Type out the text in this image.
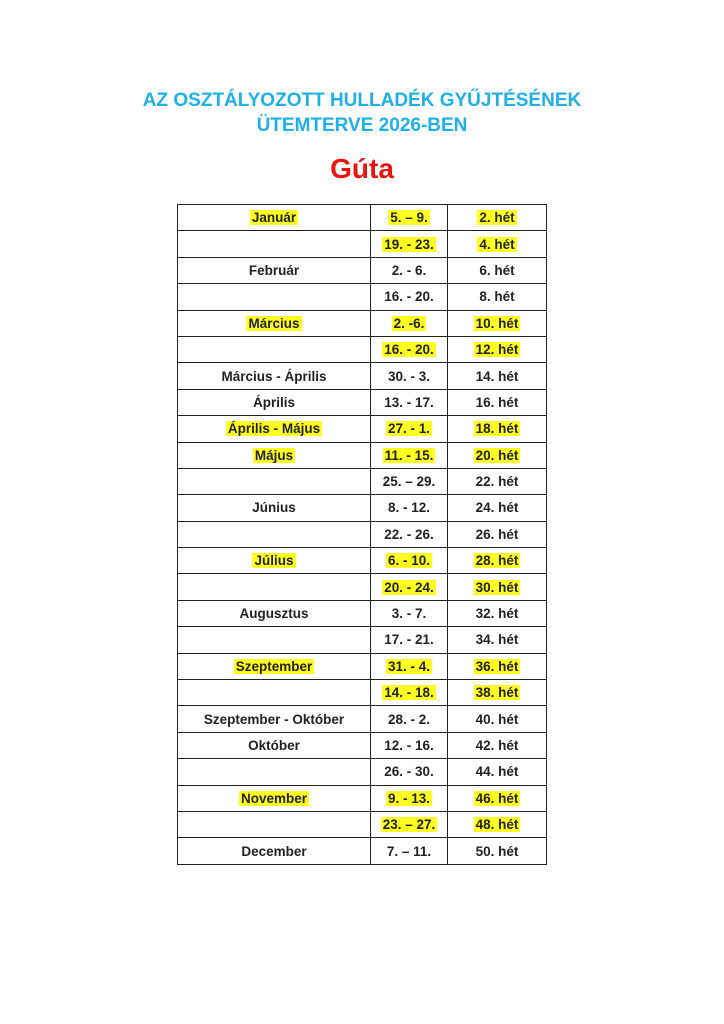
AZ OSZTÁLYOZOTT HULLADÉK GYŰJTÉSÉNEK
ÜTEMTERVE 2026-BEN
Gúta
Január	5. – 9.	2. hét
	19. - 23.	4. hét
Február	2. - 6.	6. hét
	16. - 20.	8. hét
Március	2. -6.	10. hét
	16. - 20.	12. hét
Március - Április	30. - 3.	14. hét
Április	13. - 17.	16. hét
Április - Május	27. - 1.	18. hét
Május	11. - 15.	20. hét
	25. – 29.	22. hét
Június	8. - 12.	24. hét
	22. - 26.	26. hét
Július	6. - 10.	28. hét
	20. - 24.	30. hét
Augusztus	3. - 7.	32. hét
	17. - 21.	34. hét
Szeptember	31. - 4.	36. hét
	14. - 18.	38. hét
Szeptember - Október	28. - 2.	40. hét
Október	12. - 16.	42. hét
	26. - 30.	44. hét
November	9. - 13.	46. hét
	23. – 27.	48. hét
December	7. – 11.	50. hét
